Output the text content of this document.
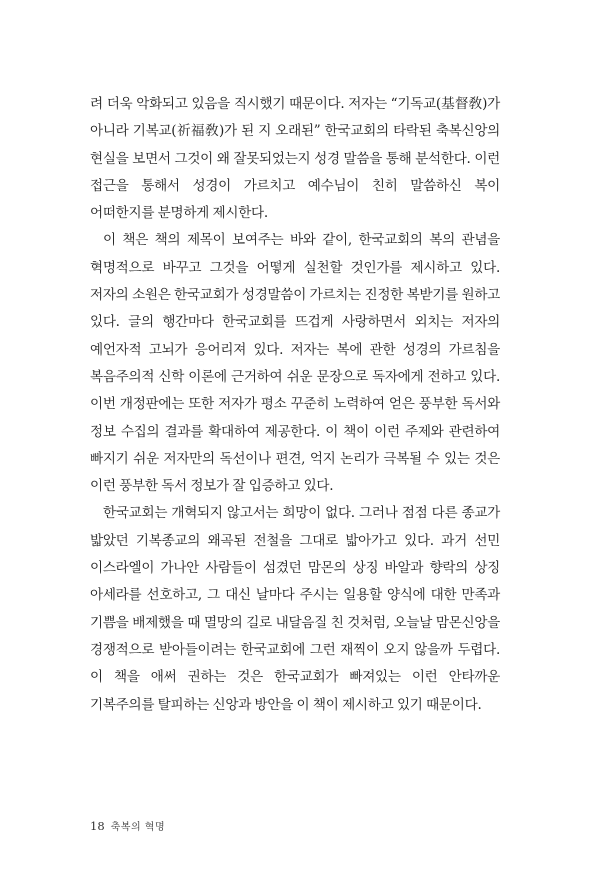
려 더욱 악화되고 있음을 직시했기 때문이다. 저자는 “기독교(基督敎)가 아니라 기복교(祈福敎)가 된 지 오래된” 한국교회의 타락된 축복신앙의 현실을 보면서 그것이 왜 잘못되었는지 성경 말씀을 통해 분석한다. 이런 접근을 통해서 성경이 가르치고 예수님이 친히 말씀하신 복이 어떠한지를 분명하게 제시한다.

이 책은 책의 제목이 보여주는 바와 같이, 한국교회의 복의 관념을 혁명적으로 바꾸고 그것을 어떻게 실천할 것인가를 제시하고 있다. 저자의 소원은 한국교회가 성경말씀이 가르치는 진정한 복받기를 원하고 있다. 글의 행간마다 한국교회를 뜨겁게 사랑하면서 외치는 저자의 예언자적 고뇌가 응어리져 있다. 저자는 복에 관한 성경의 가르침을 복음주의적 신학 이론에 근거하여 쉬운 문장으로 독자에게 전하고 있다. 이번 개정판에는 또한 저자가 평소 꾸준히 노력하여 얻은 풍부한 독서와 정보 수집의 결과를 확대하여 제공한다. 이 책이 이런 주제와 관련하여 빠지기 쉬운 저자만의 독선이나 편견, 억지 논리가 극복될 수 있는 것은 이런 풍부한 독서 정보가 잘 입증하고 있다.

한국교회는 개혁되지 않고서는 희망이 없다. 그러나 점점 다른 종교가 밟았던 기복종교의 왜곡된 전철을 그대로 밟아가고 있다. 과거 선민 이스라엘이 가나안 사람들이 섬겼던 맘몬의 상징 바알과 향락의 상징 아세라를 선호하고, 그 대신 날마다 주시는 일용할 양식에 대한 만족과 기쁨을 배제했을 때 멸망의 길로 내달음질 친 것처럼, 오늘날 맘몬신앙을 경쟁적으로 받아들이려는 한국교회에 그런 재찍이 오지 않을까 두렵다. 이 책을 애써 권하는 것은 한국교회가 빠져있는 이런 안타까운 기복주의를 탈피하는 신앙과 방안을 이 책이 제시하고 있기 때문이다.

18 축복의 혁명
